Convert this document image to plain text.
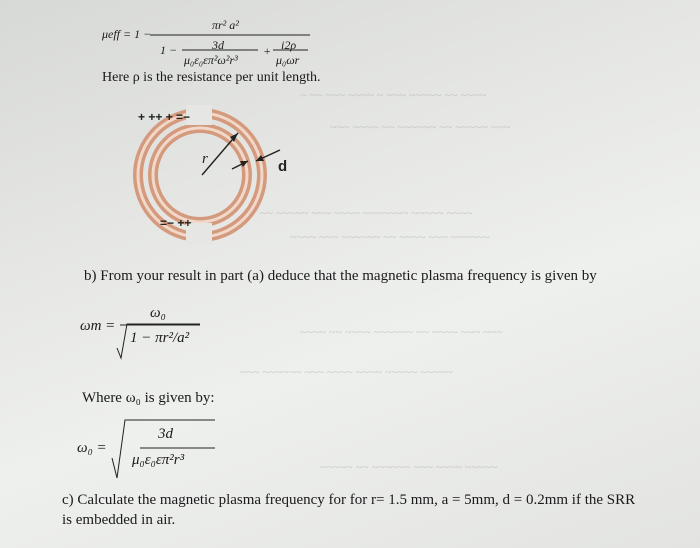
~ ~~ ~~~ ~~~~ ~ ~~~ ~~~~~ ~~ ~~~~
~~~ ~~~~ ~~ ~~~~~~ ~~ ~~~~~ ~~~
~~ ~~~~~ ~~~ ~~~~ ~~~~~~~ ~~~~~ ~~~~
~~~~ ~~~ ~~~~~~ ~~ ~~~~ ~~~ ~~~~~~
~~~~ ~~ ~~~~ ~~~~~~ ~~ ~~~~ ~~~ ~~~
~~~ ~~~~~~ ~~~ ~~~~ ~~~~ ~~~~~ ~~~~~
~~~~~ ~~ ~~~~~~ ~~~ ~~~~ ~~~~~
μeff = 1 −
πr² a²
1 −	3d
μ₀ε₀επ²ω²r³
+ i2ρ
μ₀ωr
Here ρ is the resistance per unit length.
r	d
+ ++ + =−
=− ++
b) From your result in part (a) deduce that the magnetic plasma frequency is given by
ωm =
ω₀
1 − πr²/a²
Where ω₀ is given by:
ω₀ =
3d
μ₀ε₀επ²r³
c) Calculate the magnetic plasma frequency for for r= 1.5 mm, a = 5mm, d = 0.2mm if the SRR
is embedded in air.
